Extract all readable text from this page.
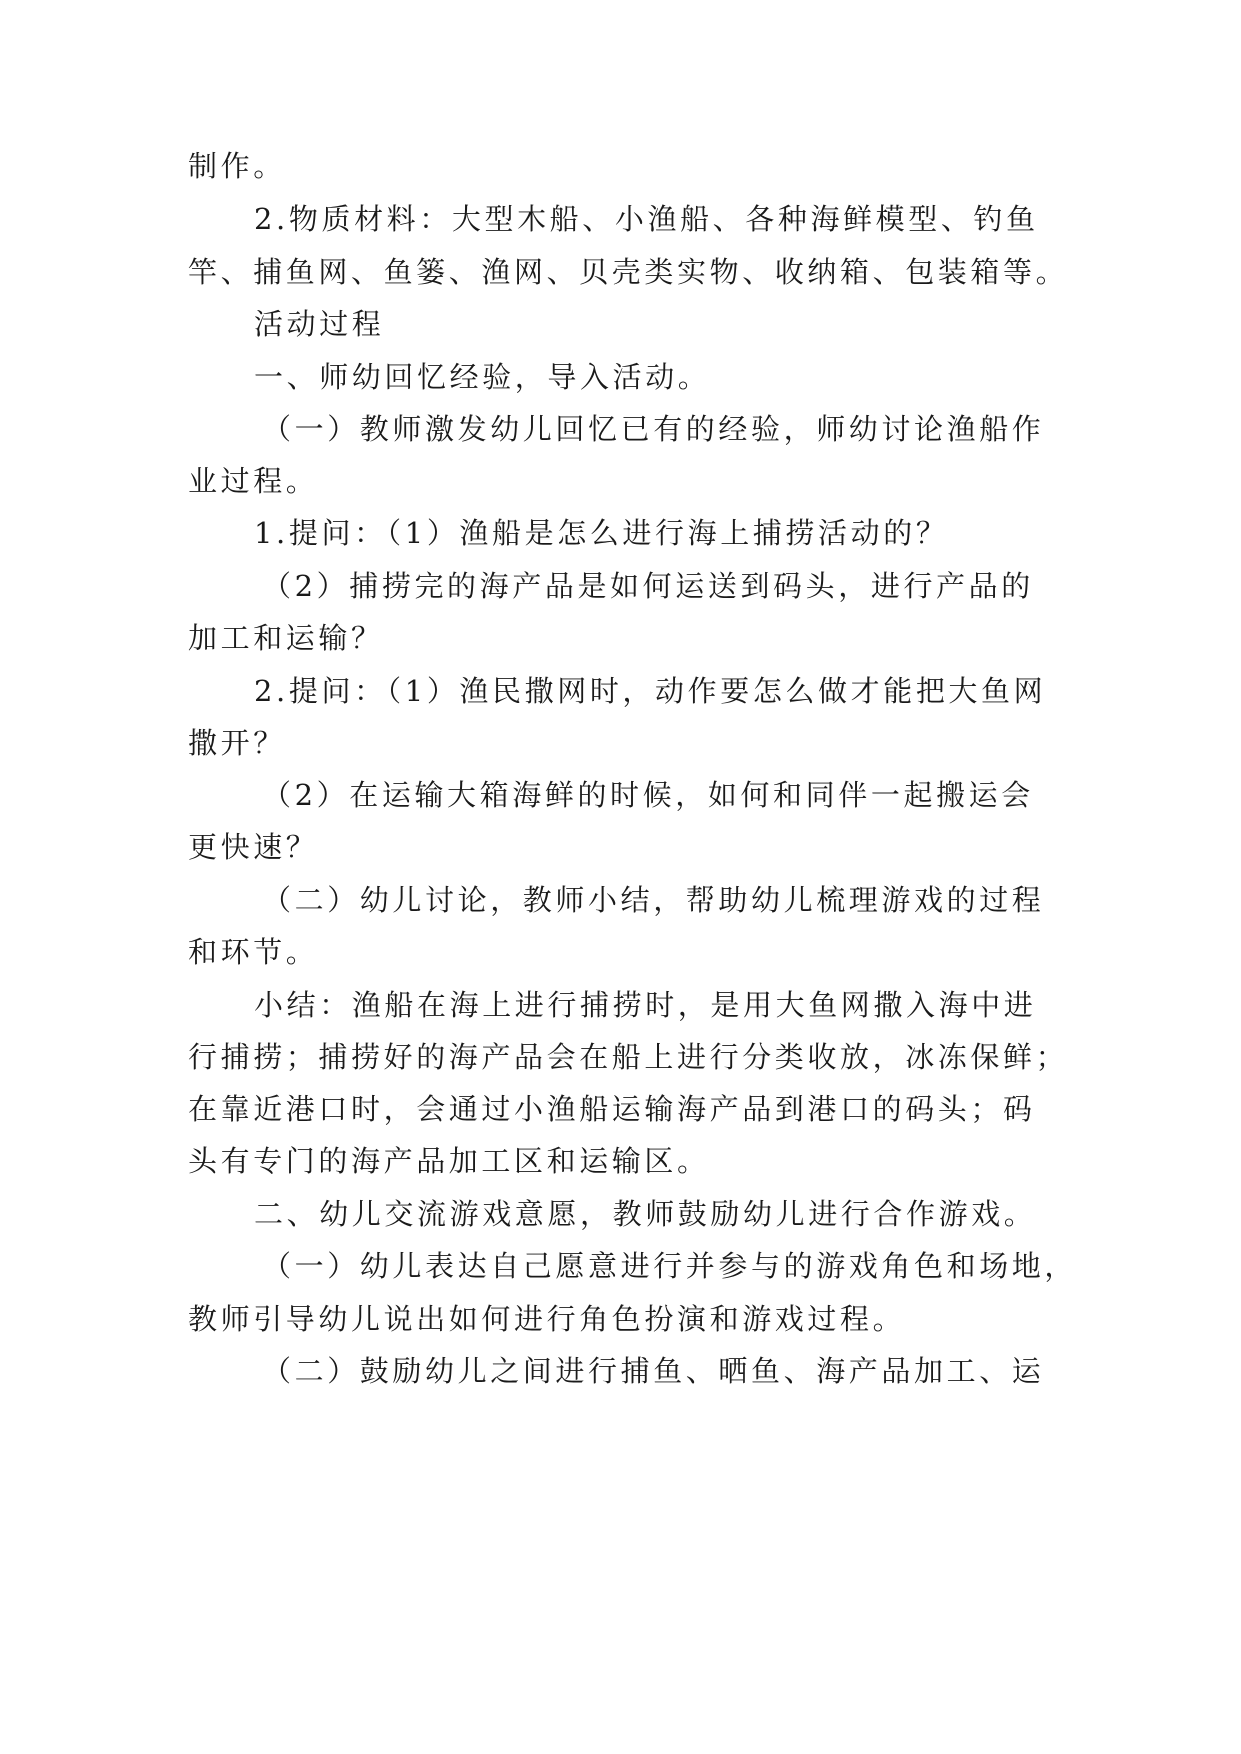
制作。
2.物质材料：大型木船、小渔船、各种海鲜模型、钓鱼
竿、捕鱼网、鱼篓、渔网、贝壳类实物、收纳箱、包装箱等。
活动过程
一、师幼回忆经验，导入活动。
（一）教师激发幼儿回忆已有的经验，师幼讨论渔船作
业过程。
1.提问：（1）渔船是怎么进行海上捕捞活动的？
（2）捕捞完的海产品是如何运送到码头，进行产品的
加工和运输？
2.提问：（1）渔民撒网时，动作要怎么做才能把大鱼网
撒开？
（2）在运输大箱海鲜的时候，如何和同伴一起搬运会
更快速？
（二）幼儿讨论，教师小结，帮助幼儿梳理游戏的过程
和环节。
小结：渔船在海上进行捕捞时，是用大鱼网撒入海中进
行捕捞；捕捞好的海产品会在船上进行分类收放，冰冻保鲜；
在靠近港口时，会通过小渔船运输海产品到港口的码头；码
头有专门的海产品加工区和运输区。
二、幼儿交流游戏意愿，教师鼓励幼儿进行合作游戏。
（一）幼儿表达自己愿意进行并参与的游戏角色和场地，
教师引导幼儿说出如何进行角色扮演和游戏过程。
（二）鼓励幼儿之间进行捕鱼、晒鱼、海产品加工、运
